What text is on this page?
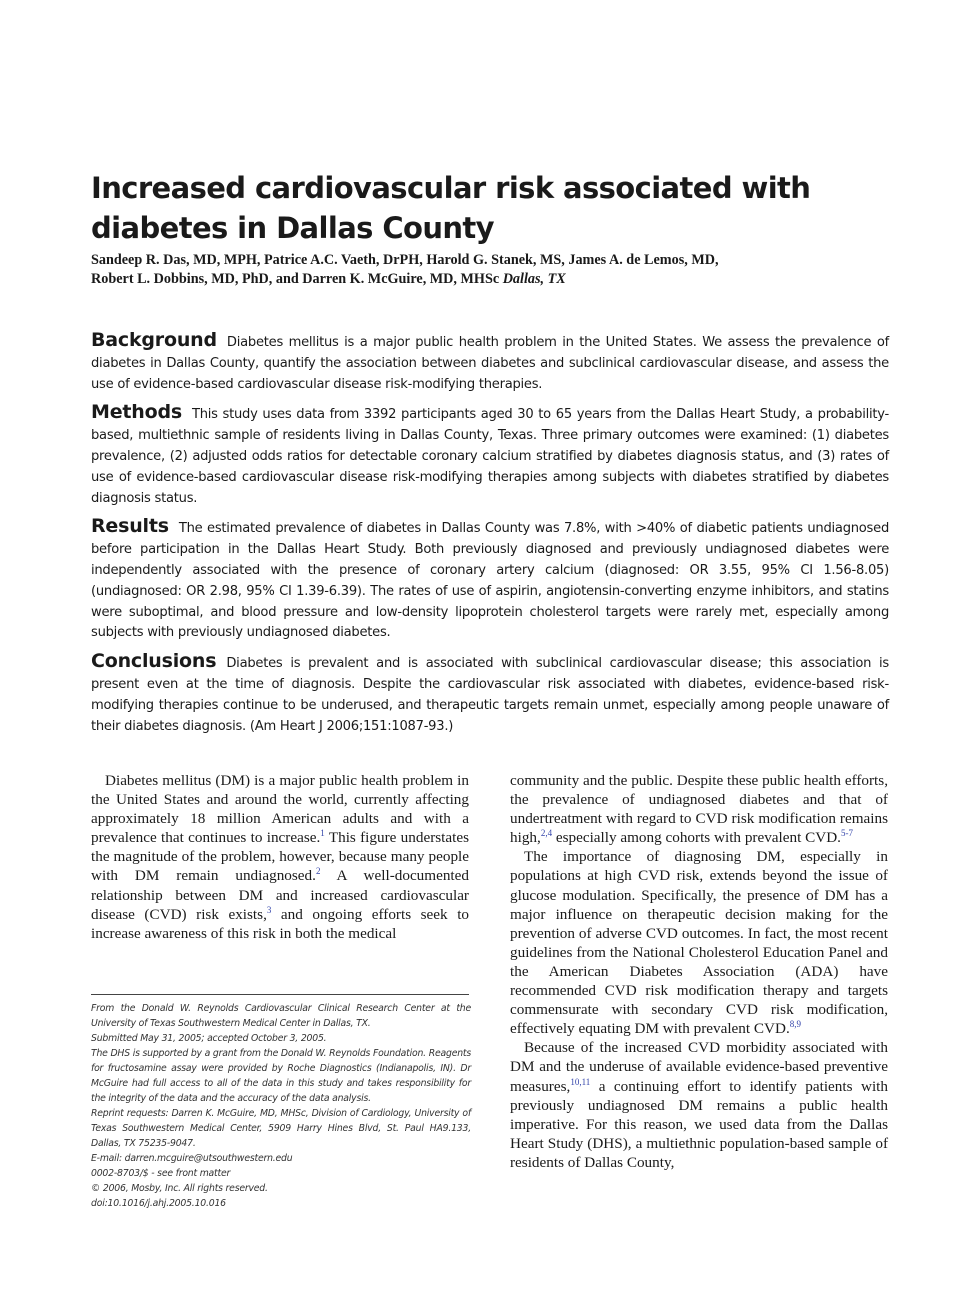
Increased cardiovascular risk associated with diabetes in Dallas County
Sandeep R. Das, MD, MPH, Patrice A.C. Vaeth, DrPH, Harold G. Stanek, MS, James A. de Lemos, MD,
Robert L. Dobbins, MD, PhD, and Darren K. McGuire, MD, MHSc Dallas, TX

Background Diabetes mellitus is a major public health problem in the United States. We assess the prevalence of diabetes in Dallas County, quantify the association between diabetes and subclinical cardiovascular disease, and assess the use of evidence-based cardiovascular disease risk-modifying therapies.

Methods This study uses data from 3392 participants aged 30 to 65 years from the Dallas Heart Study, a probability-based, multiethnic sample of residents living in Dallas County, Texas. Three primary outcomes were examined: (1) diabetes prevalence, (2) adjusted odds ratios for detectable coronary calcium stratified by diabetes diagnosis status, and (3) rates of use of evidence-based cardiovascular disease risk-modifying therapies among subjects with diabetes stratified by diabetes diagnosis status.

Results The estimated prevalence of diabetes in Dallas County was 7.8%, with >40% of diabetic patients undiagnosed before participation in the Dallas Heart Study. Both previously diagnosed and previously undiagnosed diabetes were independently associated with the presence of coronary artery calcium (diagnosed: OR 3.55, 95% CI 1.56-8.05) (undiagnosed: OR 2.98, 95% CI 1.39-6.39). The rates of use of aspirin, angiotensin-converting enzyme inhibitors, and statins were suboptimal, and blood pressure and low-density lipoprotein cholesterol targets were rarely met, especially among subjects with previously undiagnosed diabetes.

Conclusions Diabetes is prevalent and is associated with subclinical cardiovascular disease; this association is present even at the time of diagnosis. Despite the cardiovascular risk associated with diabetes, evidence-based risk-modifying therapies continue to be underused, and therapeutic targets remain unmet, especially among people unaware of their diabetes diagnosis. (Am Heart J 2006;151:1087-93.)

Diabetes mellitus (DM) is a major public health problem in the United States and around the world, currently affecting approximately 18 million American adults and with a prevalence that continues to increase.$^1$ This figure understates the magnitude of the problem, however, because many people with DM remain undiagnosed.$^2$ A well-documented relationship between DM and increased cardiovascular disease (CVD) risk exists,$^3$ and ongoing efforts seek to increase awareness of this risk in both the medical

From the Donald W. Reynolds Cardiovascular Clinical Research Center at the University of Texas Southwestern Medical Center in Dallas, TX.

Submitted May 31, 2005; accepted October 3, 2005.

The DHS is supported by a grant from the Donald W. Reynolds Foundation. Reagents for fructosamine assay were provided by Roche Diagnostics (Indianapolis, IN). Dr McGuire had full access to all of the data in this study and takes responsibility for the integrity of the data and the accuracy of the data analysis.

Reprint requests: Darren K. McGuire, MD, MHSc, Division of Cardiology, University of Texas Southwestern Medical Center, 5909 Harry Hines Blvd, St. Paul HA9.133, Dallas, TX 75235-9047.

E-mail: darren.mcguire@utsouthwestern.edu

0002-8703/$ - see front matter

© 2006, Mosby, Inc. All rights reserved.

doi:10.1016/j.ahj.2005.10.016

community and the public. Despite these public health efforts, the prevalence of undiagnosed diabetes and that of undertreatment with regard to CVD risk modification remains high,$^{2,4}$ especially among cohorts with prevalent CVD.$^{5-7}$

The importance of diagnosing DM, especially in populations at high CVD risk, extends beyond the issue of glucose modulation. Specifically, the presence of DM has a major influence on therapeutic decision making for the prevention of adverse CVD outcomes. In fact, the most recent guidelines from the National Cholesterol Education Panel and the American Diabetes Association (ADA) have recommended CVD risk modification therapy and targets commensurate with secondary CVD risk modification, effectively equating DM with prevalent CVD.$^{8,9}$

Because of the increased CVD morbidity associated with DM and the underuse of available evidence-based preventive measures,$^{10,11}$ a continuing effort to identify patients with previously undiagnosed DM remains a public health imperative. For this reason, we used data from the Dallas Heart Study (DHS), a multiethnic population-based sample of residents of Dallas County,
